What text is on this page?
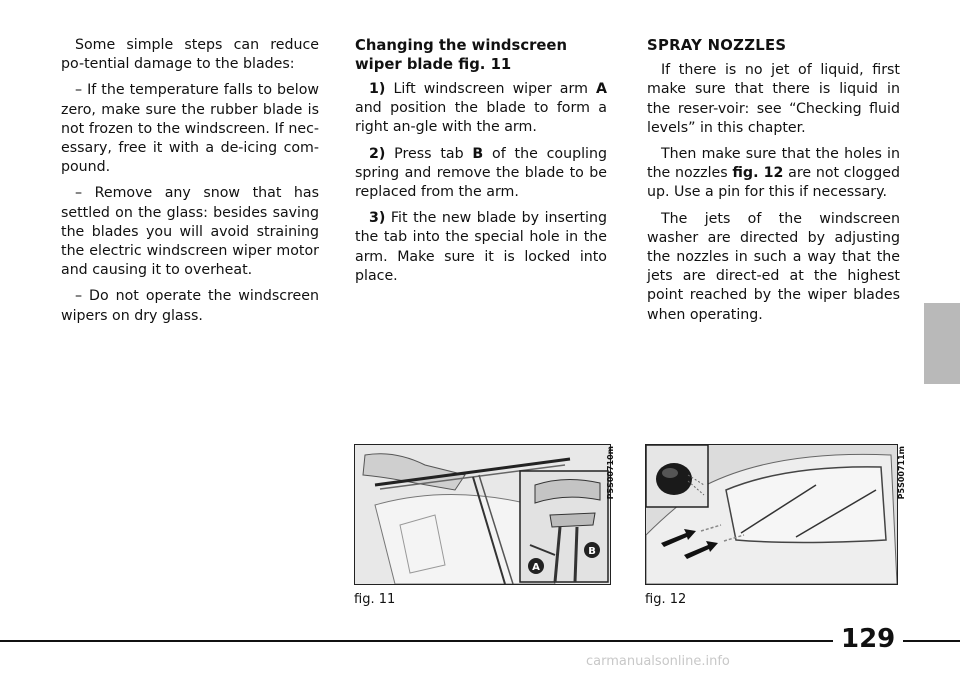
Some simple steps can reduce po-tential damage to the blades:

– If the temperature falls to below zero, make sure the rubber blade is not frozen to the windscreen. If nec-essary, free it with a de-icing com-pound.

– Remove any snow that has settled on the glass: besides saving the blades you will avoid straining the electric windscreen wiper motor and causing it to overheat.

– Do not operate the windscreen wipers on dry glass.

Changing the windscreen wiper blade fig. 11

1) Lift windscreen wiper arm A and position the blade to form a right an-gle with the arm.

2) Press tab B of the coupling spring and remove the blade to be replaced from the arm.

3) Fit the new blade by inserting the tab into the special hole in the arm. Make sure it is locked into place.

SPRAY NOZZLES

If there is no jet of liquid, first make sure that there is liquid in the reser-voir: see “Checking fluid levels” in this chapter.

Then make sure that the holes in the nozzles fig. 12 are not clogged up. Use a pin for this if necessary.

The jets of the windscreen washer are directed by adjusting the nozzles in such a way that the jets are direct-ed at the highest point reached by the wiper blades when operating.

A
B
P5S00710m
fig. 11
P5S00711m
fig. 12
129
carmanualsonline.info
